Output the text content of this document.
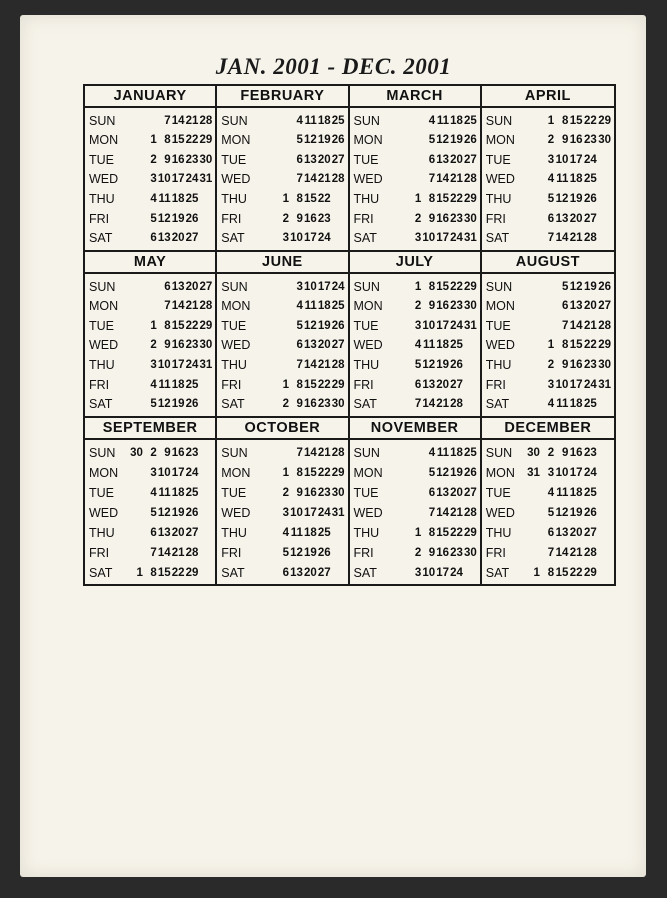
JAN. 2001 - DEC. 2001
JANUARY
SUN	7 14 21 28
MON	1 8 15 22 29
TUE	2 9 16 23 30
WED	3 10 17 24 31
THU	4 11 18 25
FRI	5 12 19 26
SAT	6 13 20 27
FEBRUARY
SUN	4 11 18 25
MON	5 12 19 26
TUE	6 13 20 27
WED	7 14 21 28
THU	1 8 15 22
FRI	2 9 16 23
SAT	3 10 17 24
MARCH
SUN	4 11 18 25
MON	5 12 19 26
TUE	6 13 20 27
WED	7 14 21 28
THU	1 8 15 22 29
FRI	2 9 16 23 30
SAT	3 10 17 24 31
APRIL
SUN	1 8 15 22 29
MON	2 9 16 23 30
TUE	3 10 17 24
WED	4 11 18 25
THU	5 12 19 26
FRI	6 13 20 27
SAT	7 14 21 28
MAY
SUN	6 13 20 27
MON	7 14 21 28
TUE	1 8 15 22 29
WED	2 9 16 23 30
THU	3 10 17 24 31
FRI	4 11 18 25
SAT	5 12 19 26
JUNE
SUN	3 10 17 24
MON	4 11 18 25
TUE	5 12 19 26
WED	6 13 20 27
THU	7 14 21 28
FRI	1 8 15 22 29
SAT	2 9 16 23 30
JULY
SUN	1 8 15 22 29
MON	2 9 16 23 30
TUE	3 10 17 24 31
WED	4 11 18 25
THU	5 12 19 26
FRI	6 13 20 27
SAT	7 14 21 28
AUGUST
SUN	5 12 19 26
MON	6 13 20 27
TUE	7 14 21 28
WED	1 8 15 22 29
THU	2 9 16 23 30
FRI	3 10 17 24 31
SAT	4 11 18 25
SEPTEMBER
SUN	30 2 9 16 23
MON	3 10 17 24
TUE	4 11 18 25
WED	5 12 19 26
THU	6 13 20 27
FRI	7 14 21 28
SAT	1 8 15 22 29
OCTOBER
SUN	7 14 21 28
MON	1 8 15 22 29
TUE	2 9 16 23 30
WED	3 10 17 24 31
THU	4 11 18 25
FRI	5 12 19 26
SAT	6 13 20 27
NOVEMBER
SUN	4 11 18 25
MON	5 12 19 26
TUE	6 13 20 27
WED	7 14 21 28
THU	1 8 15 22 29
FRI	2 9 16 23 30
SAT	3 10 17 24
DECEMBER
SUN	30 2 9 16 23
MON	31 3 10 17 24
TUE	4 11 18 25
WED	5 12 19 26
THU	6 13 20 27
FRI	7 14 21 28
SAT	1 8 15 22 29
